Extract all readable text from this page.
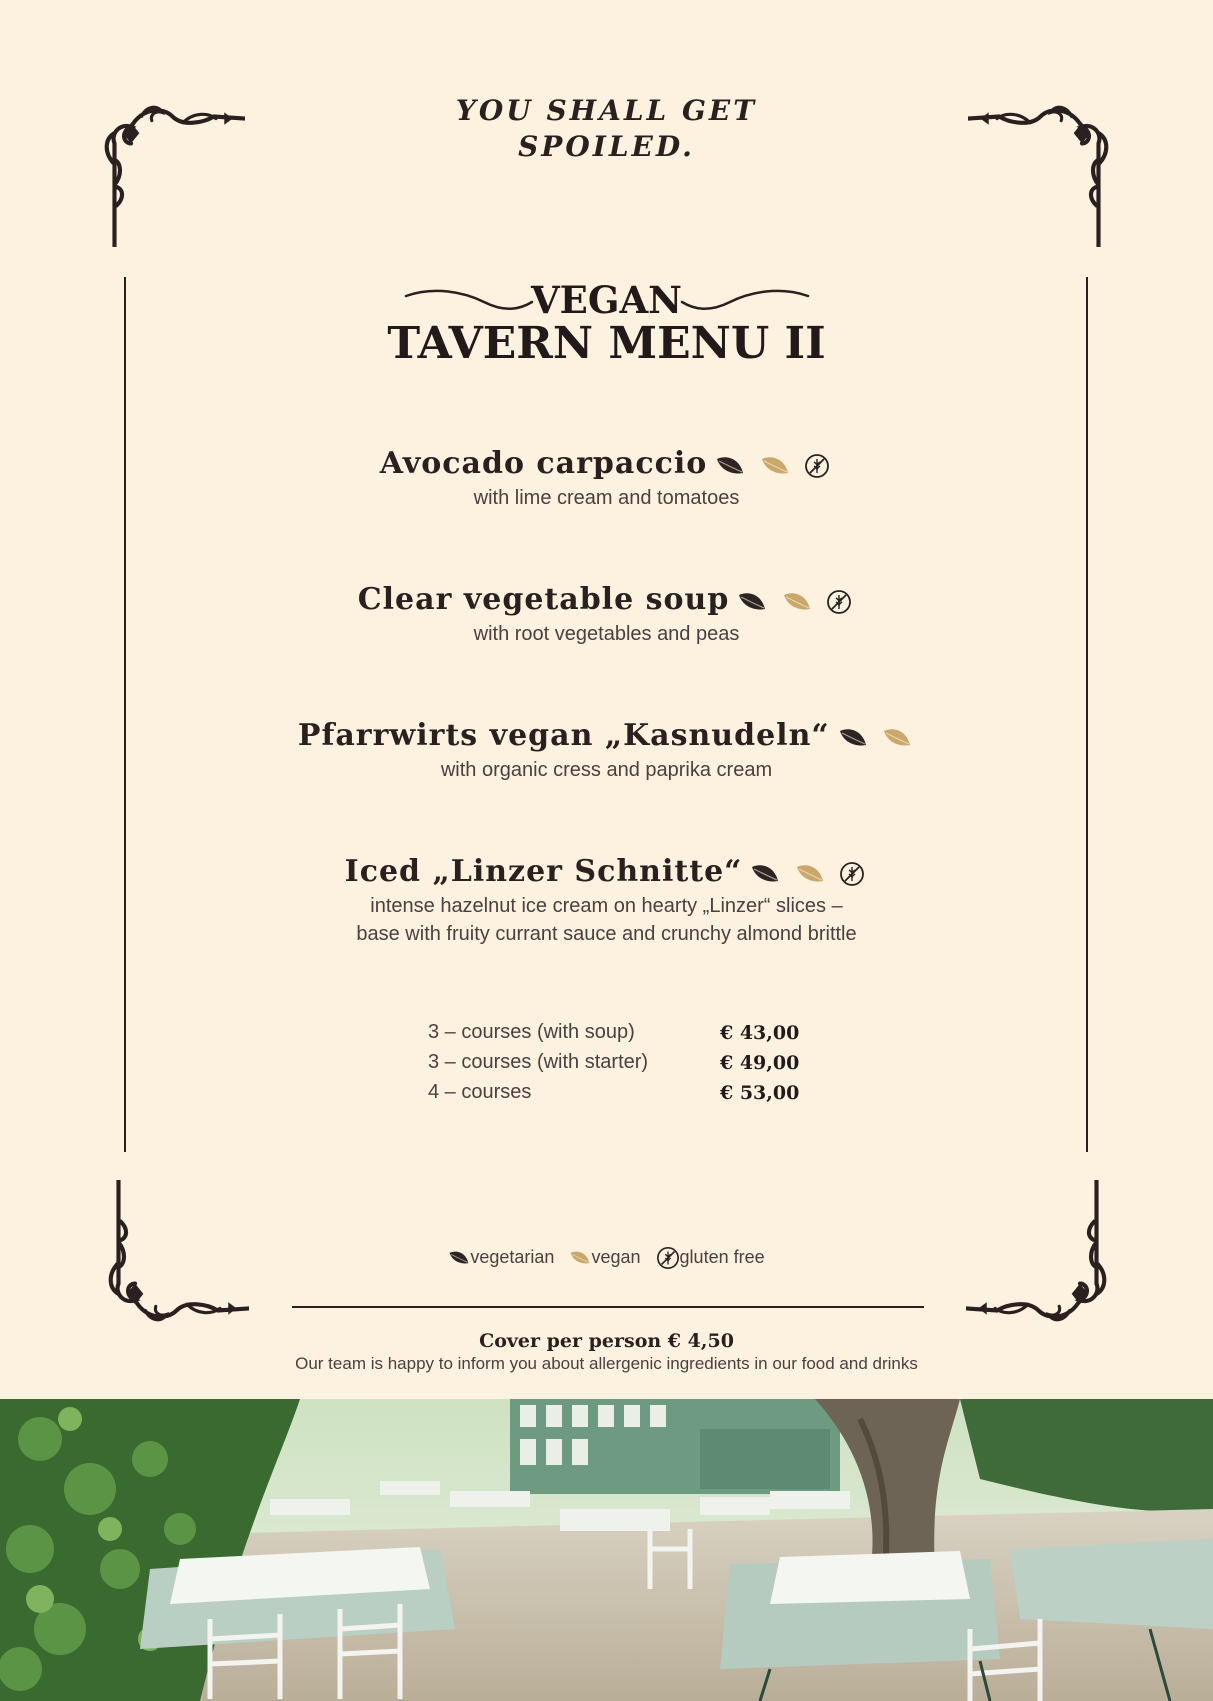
YOU SHALL GET
SPOILED.
VEGAN
TAVERN MENU II
Avocado carpaccio
with lime cream and tomatoes
Clear vegetable soup
with root vegetables and peas
Pfarrwirts vegan „Kasnudeln“
with organic cress and paprika cream
Iced „Linzer Schnitte“
intense hazelnut ice cream on hearty „Linzer“ slices –
base with fruity currant sauce and crunchy almond brittle
3 – courses (with soup)	€ 43,00
3 – courses (with starter)	€ 49,00
4 – courses	€ 53,00
vegetarian vegan gluten free
Cover per person € 4,50
Our team is happy to inform you about allergenic ingredients in our food and drinks
